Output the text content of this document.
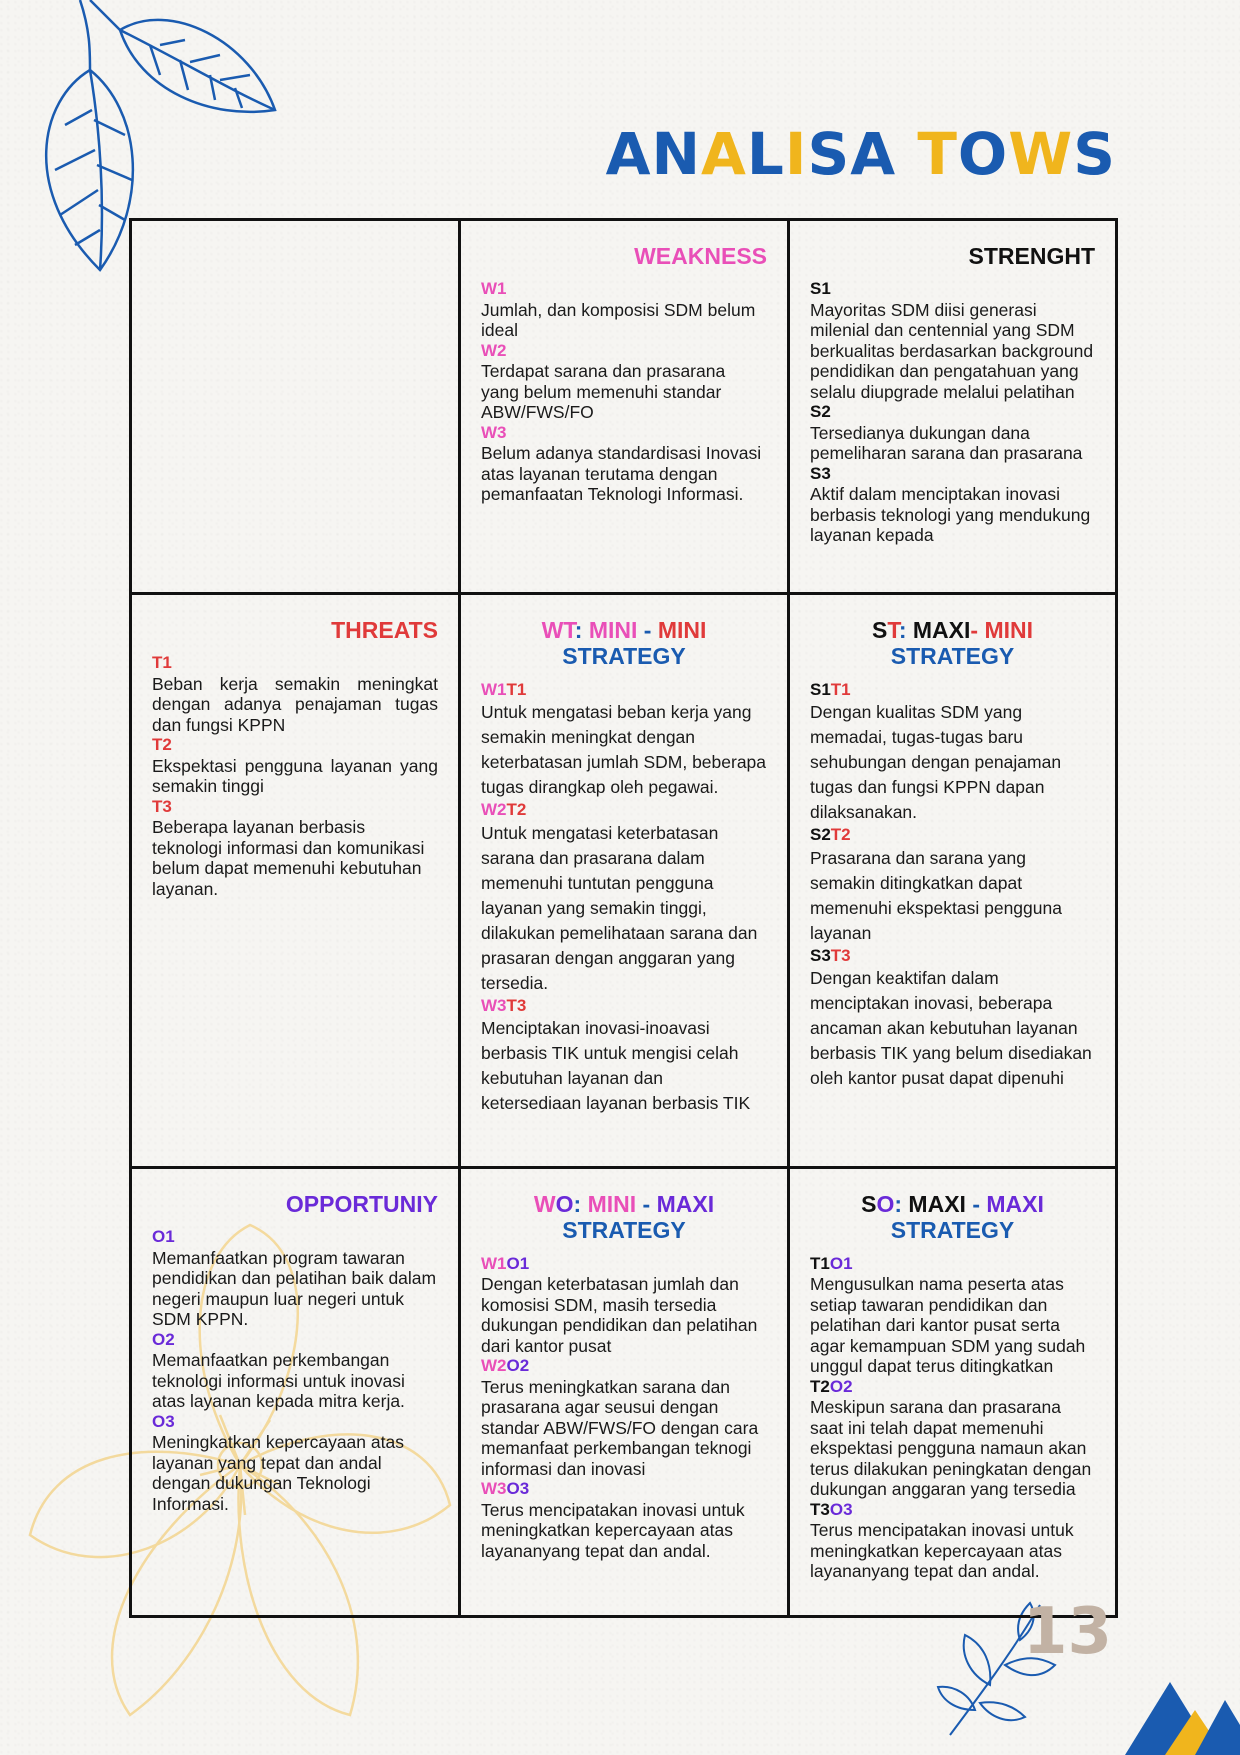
ANALISA TOWS
WEAKNESS
W1
Jumlah, dan komposisi SDM belum ideal
W2
Terdapat sarana dan prasarana yang belum memenuhi standar ABW/FWS/FO
W3
Belum adanya standardisasi Inovasi atas layanan terutama dengan pemanfaatan Teknologi Informasi.
STRENGHT
S1
Mayoritas SDM diisi generasi milenial dan centennial yang SDM berkualitas berdasarkan background pendidikan dan pengatahuan yang selalu diupgrade melalui pelatihan
S2
Tersedianya dukungan dana pemeliharan sarana dan prasarana
S3
Aktif dalam menciptakan inovasi berbasis teknologi yang mendukung layanan kepada
THREATS
T1
Beban kerja semakin meningkat dengan adanya penajaman tugas dan fungsi KPPN
T2
Ekspektasi pengguna layanan yang semakin tinggi
T3
Beberapa layanan berbasis teknologi informasi dan komunikasi belum dapat memenuhi kebutuhan layanan.
WT: MINI - MINI STRATEGY
W1T1
Untuk mengatasi beban kerja yang semakin meningkat dengan keterbatasan jumlah SDM, beberapa tugas dirangkap oleh pegawai.
W2T2
Untuk mengatasi keterbatasan sarana dan prasarana dalam memenuhi tuntutan pengguna layanan yang semakin tinggi, dilakukan pemelihataan sarana dan prasaran dengan anggaran yang tersedia.
W3T3
Menciptakan inovasi-inoavasi berbasis TIK untuk mengisi celah kebutuhan layanan dan ketersediaan layanan berbasis TIK
ST: MAXI- MINI STRATEGY
S1T1
Dengan kualitas SDM yang memadai, tugas-tugas baru sehubungan dengan penajaman tugas dan fungsi KPPN dapan dilaksanakan.
S2T2
Prasarana dan sarana yang semakin ditingkatkan dapat memenuhi ekspektasi pengguna layanan
S3T3
Dengan keaktifan dalam menciptakan inovasi, beberapa ancaman akan kebutuhan layanan berbasis TIK yang belum disediakan oleh kantor pusat dapat dipenuhi
OPPORTUNIY
O1
Memanfaatkan program tawaran pendidikan dan pelatihan baik dalam negeri maupun luar negeri untuk SDM KPPN.
O2
Memanfaatkan perkembangan teknologi informasi untuk inovasi atas layanan kepada mitra kerja.
O3
Meningkatkan kepercayaan atas layanan yang tepat dan andal dengan dukungan Teknologi Informasi.
WO: MINI - MAXI STRATEGY
W1O1
Dengan keterbatasan jumlah dan komosisi SDM, masih tersedia dukungan pendidikan dan pelatihan dari kantor pusat
W2O2
Terus meningkatkan sarana dan prasarana agar seusui dengan standar ABW/FWS/FO dengan cara memanfaat perkembangan teknogi informasi dan inovasi
W3O3
Terus mencipatakan inovasi untuk meningkatkan kepercayaan atas layananyang tepat dan andal.
SO: MAXI - MAXI STRATEGY
T1O1
Mengusulkan nama peserta atas setiap tawaran pendidikan dan pelatihan dari kantor pusat serta agar kemampuan SDM yang sudah unggul dapat terus ditingkatkan
T2O2
Meskipun sarana dan prasarana saat ini telah dapat memenuhi ekspektasi pengguna namaun akan terus dilakukan peningkatan dengan dukungan anggaran yang tersedia
T3O3
Terus mencipatakan inovasi untuk meningkatkan kepercayaan atas layananyang tepat dan andal.
13
